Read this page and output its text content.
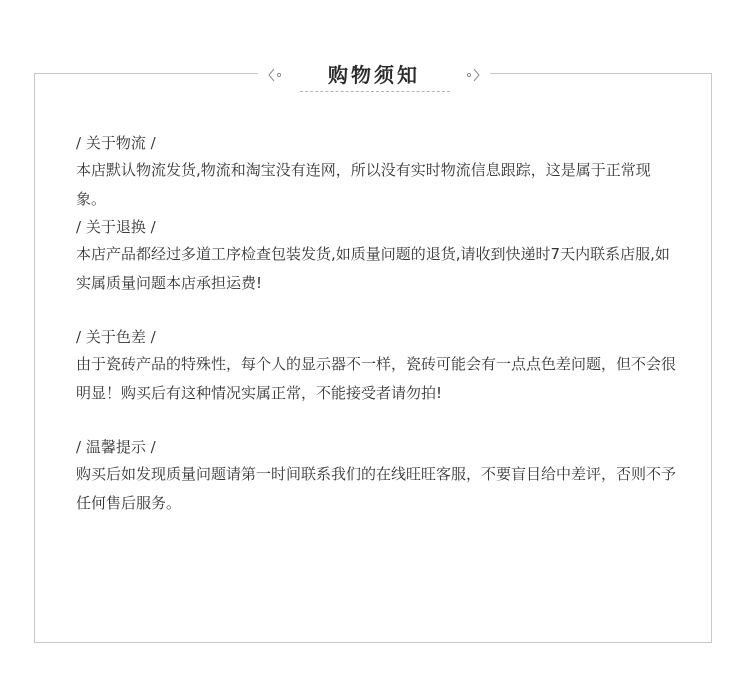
购物须知
/ 关于物流 /
本店默认物流发货,物流和淘宝没有连网，所以没有实时物流信息跟踪，这是属于正常现象。
/ 关于退换 /
本店产品都经过多道工序检查包装发货,如质量问题的退货,请收到快递时7天内联系店服,如实属质量问题本店承担运费!
/ 关于色差 /
由于瓷砖产品的特殊性，每个人的显示器不一样，瓷砖可能会有一点点色差问题，但不会很明显！购买后有这种情况实属正常，不能接受者请勿拍!
/ 温馨提示 /
购买后如发现质量问题请第一时间联系我们的在线旺旺客服，不要盲目给中差评，否则不予任何售后服务。
